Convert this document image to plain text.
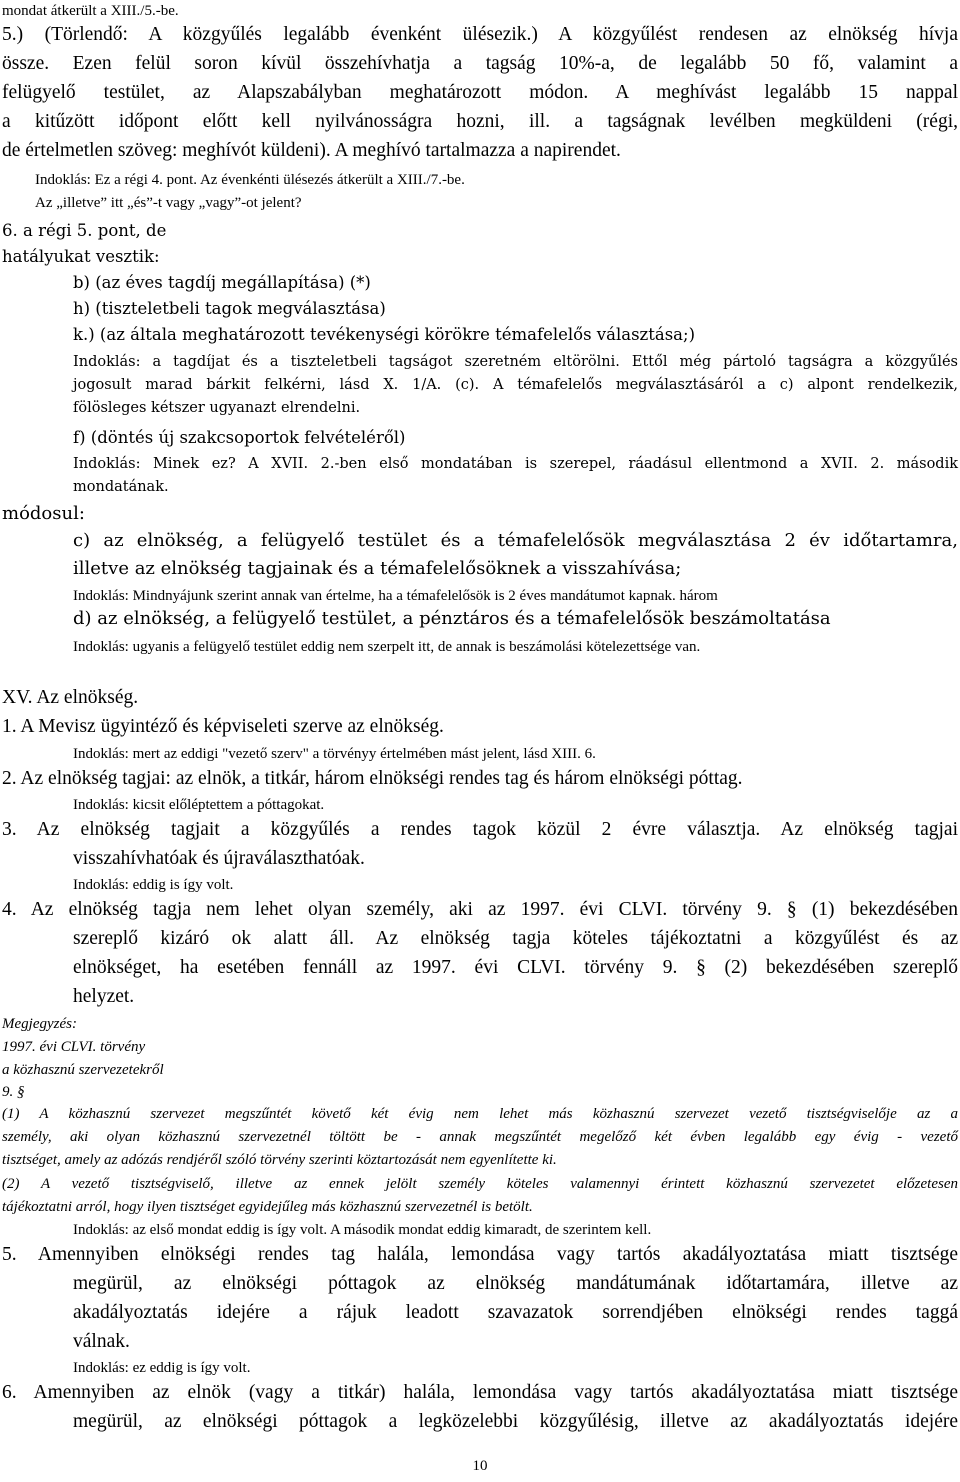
mondat átkerült a XIII./5.-be.

5.) (Törlendő: A közgyűlés legalább évenként ülésezik.) A közgyűlést rendesen az elnökség hívja

össze. Ezen felül soron kívül összehívhatja a tagság 10%-a, de legalább 50 fő, valamint a

felügyelő testület, az Alapszabályban meghatározott módon. A meghívást legalább 15 nappal

a kitűzött időpont előtt kell nyilvánosságra hozni, ill. a tagságnak levélben megküldeni (régi,

de értelmetlen szöveg: meghívót küldeni). A meghívó tartalmazza a napirendet.

Indoklás: Ez a régi 4. pont. Az évenkénti ülésezés átkerült a XIII./7.-be.

Az „illetve” itt „és”-t vagy „vagy”-ot jelent?

6. a régi 5. pont, de

hatályukat vesztik:

b) (az éves tagdíj megállapítása) (*)

h) (tiszteletbeli tagok megválasztása)

k.) (az általa meghatározott tevékenységi körökre témafelelős választása;)

Indoklás: a tagdíjat és a tiszteletbeli tagságot szeretném eltörölni. Ettől még pártoló tagságra a közgyűlés

jogosult marad bárkit felkérni, lásd X. 1/A. (c). A témafelelős megválasztásáról a c) alpont rendelkezik,

fölösleges kétszer ugyanazt elrendelni.

f) (döntés új szakcsoportok felvételéről)

Indoklás: Minek ez? A XVII. 2.-ben első mondatában is szerepel, ráadásul ellentmond a XVII. 2. második

mondatának.

módosul:

c) az elnökség, a felügyelő testület és a témafelelősök megválasztása 2 év időtartamra,

illetve az elnökség tagjainak és a témafelelősöknek a visszahívása;

Indoklás: Mindnyájunk szerint annak van értelme, ha a témafelelősök is 2 éves mandátumot kapnak. három

d) az elnökség, a felügyelő testület, a pénztáros és a témafelelősök beszámoltatása

Indoklás: ugyanis a felügyelő testület eddig nem szerpelt itt, de annak is beszámolási kötelezettsége van.

XV. Az elnökség.

1. A Mevisz ügyintéző és képviseleti szerve az elnökség.

Indoklás: mert az eddigi "vezető szerv" a törvényy értelmében mást jelent, lásd XIII. 6.

2. Az elnökség tagjai: az elnök, a titkár, három elnökségi rendes tag és három elnökségi póttag.

Indoklás: kicsit előléptettem a póttagokat.

3. Az elnökség tagjait a közgyűlés a rendes tagok közül 2 évre választja. Az elnökség tagjai

visszahívhatóak és újraválaszthatóak.

Indoklás: eddig is így volt.

4. Az elnökség tagja nem lehet olyan személy, aki az 1997. évi CLVI. törvény 9. § (1) bekezdésében

szereplő kizáró ok alatt áll. Az elnökség tagja köteles tájékoztatni a közgyűlést és az

elnökséget, ha esetében fennáll az 1997. évi CLVI. törvény 9. § (2) bekezdésében szereplő

helyzet.

Megjegyzés:

1997. évi CLVI. törvény

a közhasznú szervezetekről

9. §

(1) A közhasznú szervezet megszűntét követő két évig nem lehet más közhasznú szervezet vezető tisztségviselője az a

személy, aki olyan közhasznú szervezetnél töltött be - annak megszűntét megelőző két évben legalább egy évig - vezető

tisztséget, amely az adózás rendjéről szóló törvény szerinti köztartozását nem egyenlítette ki.

(2) A vezető tisztségviselő, illetve az ennek jelölt személy köteles valamennyi érintett közhasznú szervezetet előzetesen

tájékoztatni arról, hogy ilyen tisztséget egyidejűleg más közhasznú szervezetnél is betölt.

Indoklás: az első mondat eddig is így volt. A második mondat eddig kimaradt, de szerintem kell.

5. Amennyiben elnökségi rendes tag halála, lemondása vagy tartós akadályoztatása miatt tisztsége

megürül, az elnökségi póttagok az elnökség mandátumának időtartamára, illetve az

akadályoztatás idejére a rájuk leadott szavazatok sorrendjében elnökségi rendes taggá

válnak.

Indoklás: ez eddig is így volt.

6. Amennyiben az elnök (vagy a titkár) halála, lemondása vagy tartós akadályoztatása miatt tisztsége

megürül, az elnökségi póttagok a legközelebbi közgyűlésig, illetve az akadályoztatás idejére

10
